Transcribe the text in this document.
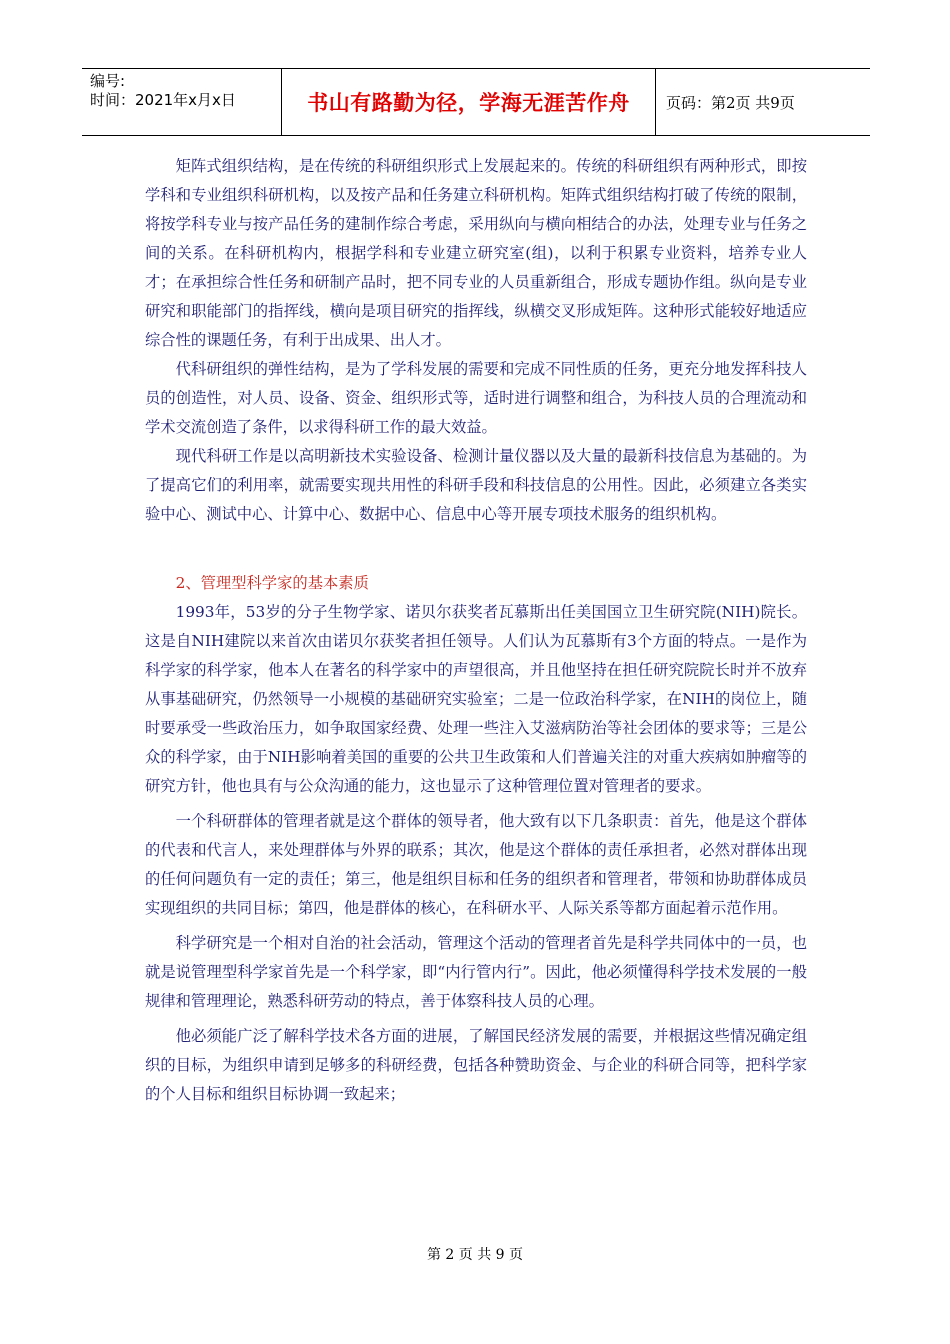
编号:
时间：2021年x月x日	书山有路勤为径，学海无涯苦作舟	页码：第2页 共9页

矩阵式组织结构，是在传统的科研组织形式上发展起来的。传统的科研组织有两种形式，即按学科和专业组织科研机构，以及按产品和任务建立科研机构。矩阵式组织结构打破了传统的限制，将按学科专业与按产品任务的建制作综合考虑，采用纵向与横向相结合的办法，处理专业与任务之间的关系。在科研机构内，根据学科和专业建立研究室(组)，以利于积累专业资料，培养专业人才；在承担综合性任务和研制产品时，把不同专业的人员重新组合，形成专题协作组。纵向是专业研究和职能部门的指挥线，横向是项目研究的指挥线，纵横交叉形成矩阵。这种形式能较好地适应综合性的课题任务，有利于出成果、出人才。

代科研组织的弹性结构，是为了学科发展的需要和完成不同性质的任务，更充分地发挥科技人员的创造性，对人员、设备、资金、组织形式等，适时进行调整和组合，为科技人员的合理流动和学术交流创造了条件，以求得科研工作的最大效益。

现代科研工作是以高明新技术实验设备、检测计量仪器以及大量的最新科技信息为基础的。为了提高它们的利用率，就需要实现共用性的科研手段和科技信息的公用性。因此，必须建立各类实验中心、测试中心、计算中心、数据中心、信息中心等开展专项技术服务的组织机构。

2、管理型科学家的基本素质

1993年，53岁的分子生物学家、诺贝尔获奖者瓦慕斯出任美国国立卫生研究院(NIH)院长。这是自NIH建院以来首次由诺贝尔获奖者担任领导。人们认为瓦慕斯有3个方面的特点。一是作为科学家的科学家，他本人在著名的科学家中的声望很高，并且他坚持在担任研究院院长时并不放弃从事基础研究，仍然领导一小规模的基础研究实验室；二是一位政治科学家，在NIH的岗位上，随时要承受一些政治压力，如争取国家经费、处理一些注入艾滋病防治等社会团体的要求等；三是公众的科学家，由于NIH影响着美国的重要的公共卫生政策和人们普遍关注的对重大疾病如肿瘤等的研究方针，他也具有与公众沟通的能力，这也显示了这种管理位置对管理者的要求。

一个科研群体的管理者就是这个群体的领导者，他大致有以下几条职责：首先，他是这个群体的代表和代言人，来处理群体与外界的联系；其次，他是这个群体的责任承担者，必然对群体出现的任何问题负有一定的责任；第三，他是组织目标和任务的组织者和管理者，带领和协助群体成员实现组织的共同目标；第四，他是群体的核心，在科研水平、人际关系等都方面起着示范作用。

科学研究是一个相对自治的社会活动，管理这个活动的管理者首先是科学共同体中的一员，也就是说管理型科学家首先是一个科学家，即“内行管内行”。因此，他必须懂得科学技术发展的一般规律和管理理论，熟悉科研劳动的特点，善于体察科技人员的心理。

他必须能广泛了解科学技术各方面的进展，了解国民经济发展的需要，并根据这些情况确定组织的目标，为组织申请到足够多的科研经费，包括各种赞助资金、与企业的科研合同等，把科学家的个人目标和组织目标协调一致起来；

第 2 页 共 9 页
